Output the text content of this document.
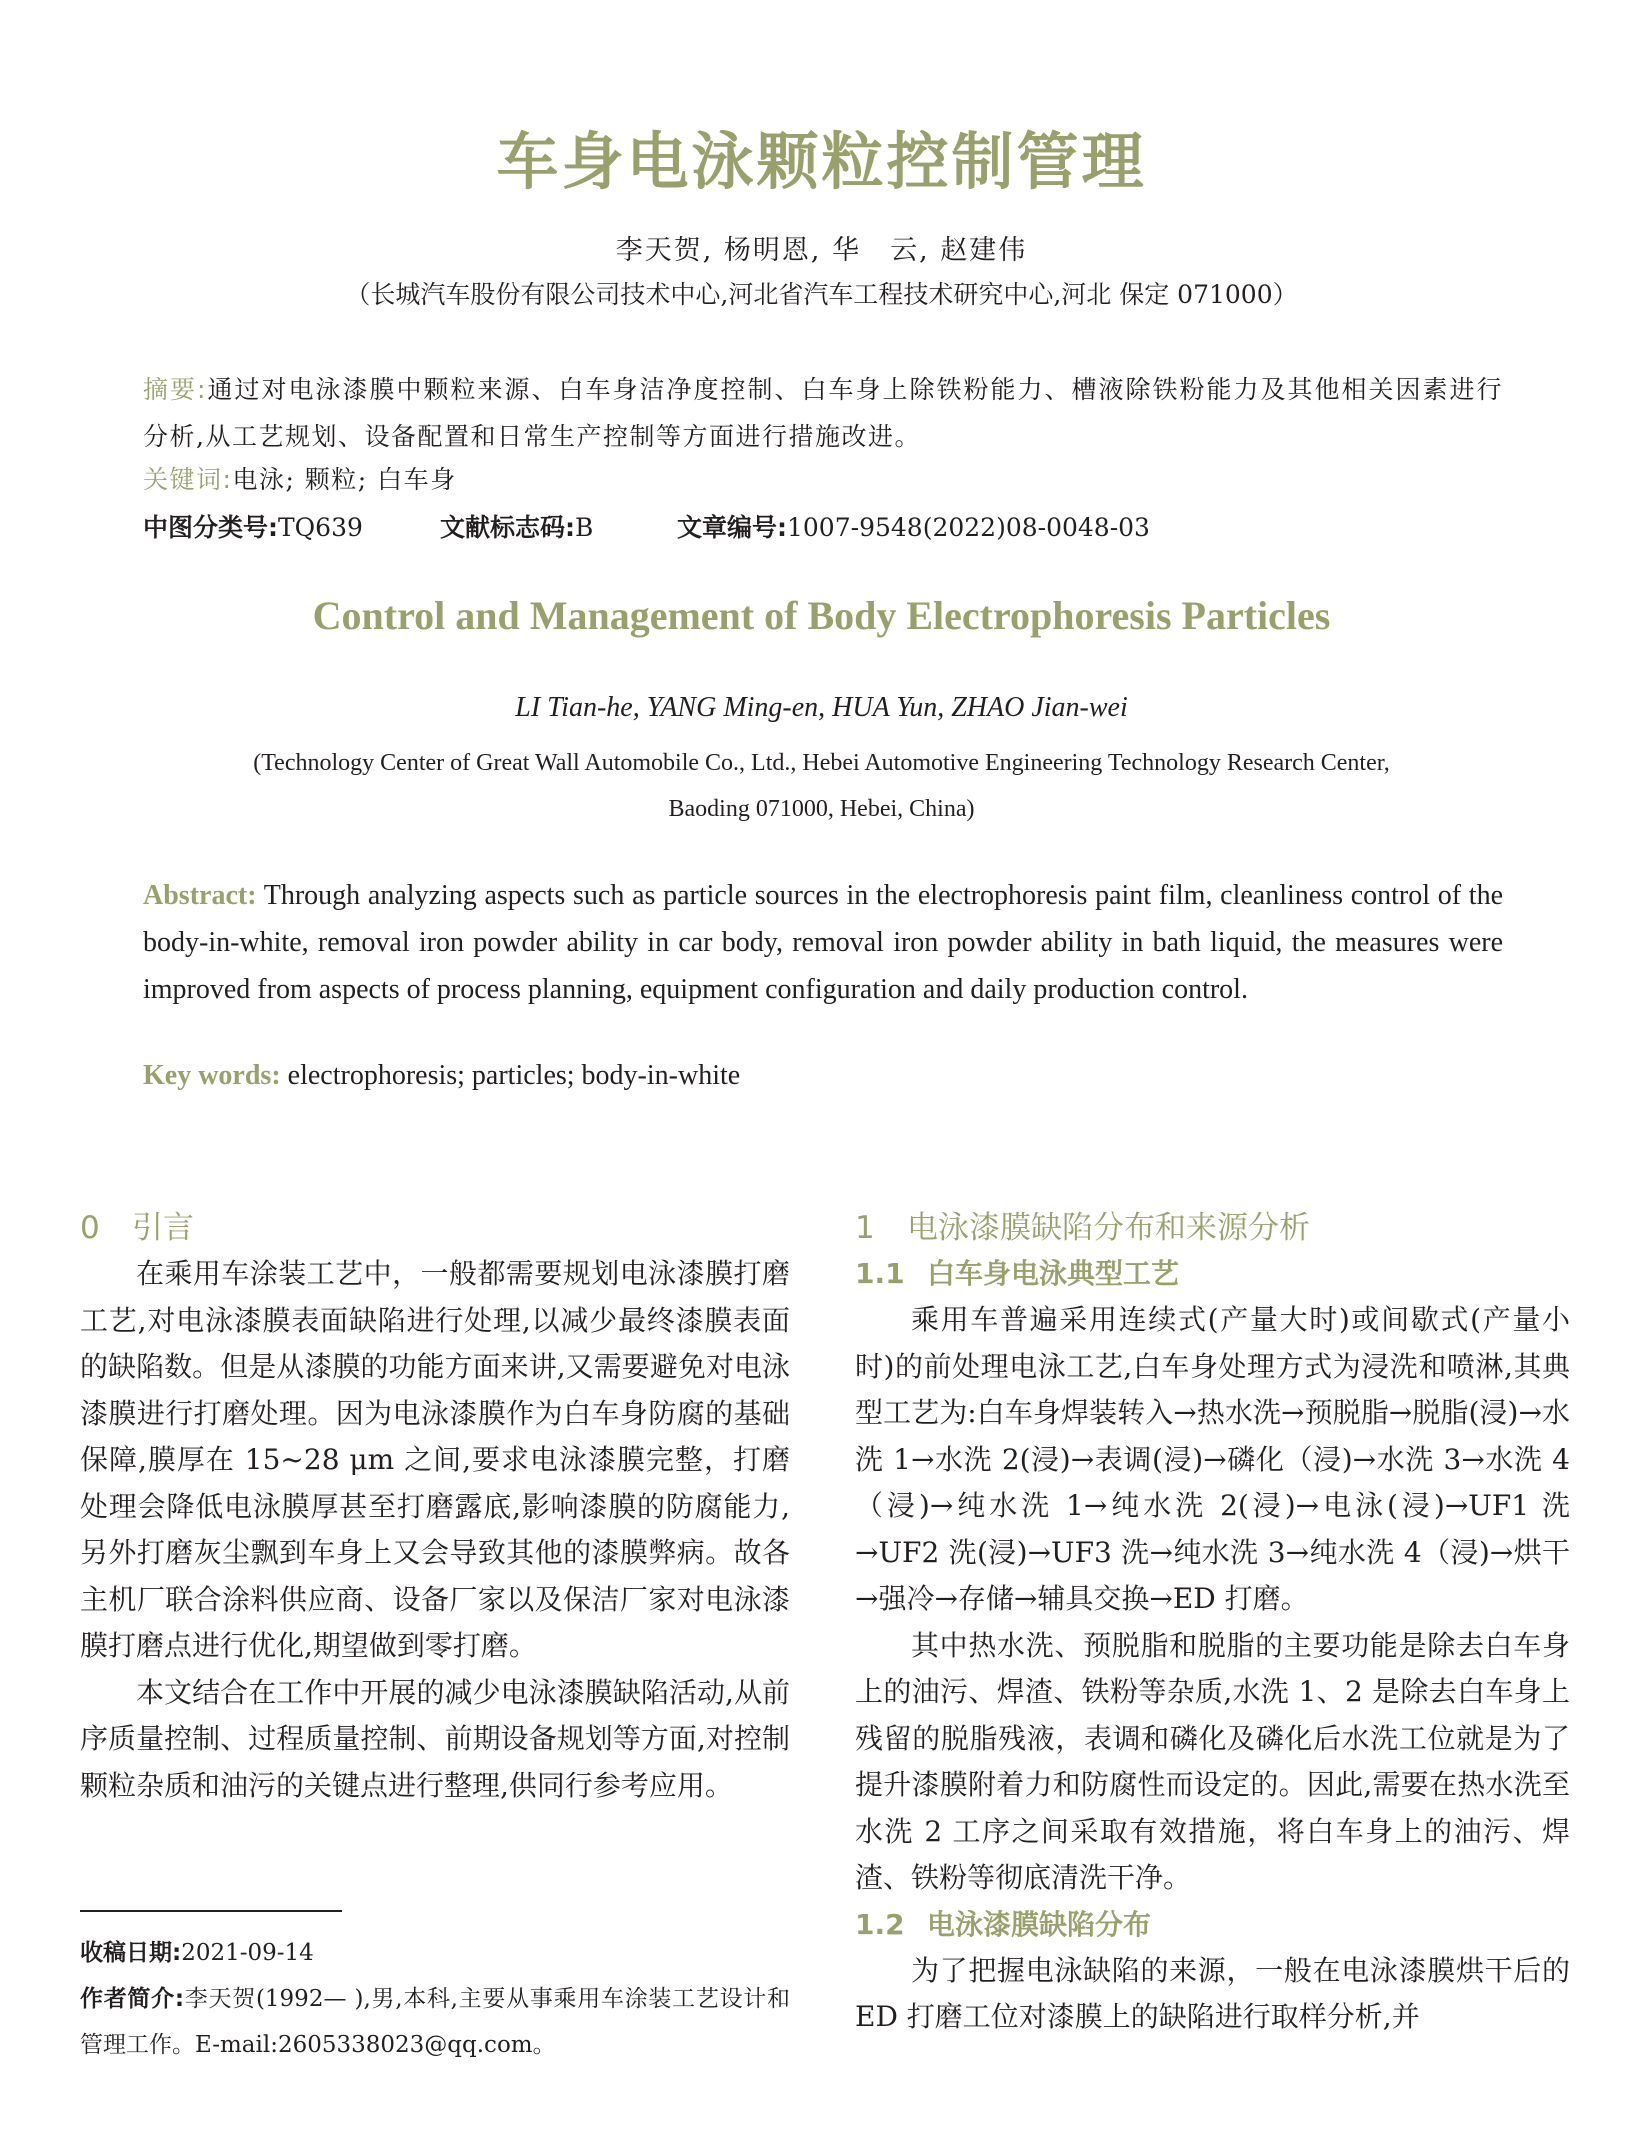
车身电泳颗粒控制管理
李天贺, 杨明恩, 华　云, 赵建伟
（长城汽车股份有限公司技术中心,河北省汽车工程技术研究中心,河北 保定 071000）
摘要:通过对电泳漆膜中颗粒来源、白车身洁净度控制、白车身上除铁粉能力、槽液除铁粉能力及其他相关因素进行分析,从工艺规划、设备配置和日常生产控制等方面进行措施改进。
关键词:电泳; 颗粒; 白车身
中图分类号:TQ639	文献标志码:B	文章编号:1007-9548(2022)08-0048-03
Control and Management of Body Electrophoresis Particles
LI Tian-he, YANG Ming-en, HUA Yun, ZHAO Jian-wei
(Technology Center of Great Wall Automobile Co., Ltd., Hebei Automotive Engineering Technology Research Center,
Baoding 071000, Hebei, China)
Abstract: Through analyzing aspects such as particle sources in the electrophoresis paint film, cleanliness control of the body-in-white, removal iron powder ability in car body, removal iron powder ability in bath liquid, the measures were improved from aspects of process planning, equipment configuration and daily production control.
Key words: electrophoresis; particles; body-in-white
0 引言

在乘用车涂装工艺中，一般都需要规划电泳漆膜打磨工艺,对电泳漆膜表面缺陷进行处理,以减少最终漆膜表面的缺陷数。但是从漆膜的功能方面来讲,又需要避免对电泳漆膜进行打磨处理。因为电泳漆膜作为白车身防腐的基础保障,膜厚在 15~28 μm 之间,要求电泳漆膜完整，打磨处理会降低电泳膜厚甚至打磨露底,影响漆膜的防腐能力,另外打磨灰尘飘到车身上又会导致其他的漆膜弊病。故各主机厂联合涂料供应商、设备厂家以及保洁厂家对电泳漆膜打磨点进行优化,期望做到零打磨。

本文结合在工作中开展的减少电泳漆膜缺陷活动,从前序质量控制、过程质量控制、前期设备规划等方面,对控制颗粒杂质和油污的关键点进行整理,供同行参考应用。

收稿日期:2021-09-14
作者简介:李天贺(1992— ),男,本科,主要从事乘用车涂装工艺设计和管理工作。E-mail:2605338023@qq.com。
1 电泳漆膜缺陷分布和来源分析
1.1 白车身电泳典型工艺

乘用车普遍采用连续式(产量大时)或间歇式(产量小时)的前处理电泳工艺,白车身处理方式为浸洗和喷淋,其典型工艺为:白车身焊装转入→热水洗→预脱脂→脱脂(浸)→水洗 1→水洗 2(浸)→表调(浸)→磷化（浸)→水洗 3→水洗 4（浸)→纯水洗 1→纯水洗 2(浸)→电泳(浸)→UF1 洗→UF2 洗(浸)→UF3 洗→纯水洗 3→纯水洗 4（浸)→烘干→强冷→存储→辅具交换→ED 打磨。

其中热水洗、预脱脂和脱脂的主要功能是除去白车身上的油污、焊渣、铁粉等杂质,水洗 1、2 是除去白车身上残留的脱脂残液，表调和磷化及磷化后水洗工位就是为了提升漆膜附着力和防腐性而设定的。因此,需要在热水洗至水洗 2 工序之间采取有效措施，将白车身上的油污、焊渣、铁粉等彻底清洗干净。

1.2 电泳漆膜缺陷分布

为了把握电泳缺陷的来源，一般在电泳漆膜烘干后的 ED 打磨工位对漆膜上的缺陷进行取样分析,并
